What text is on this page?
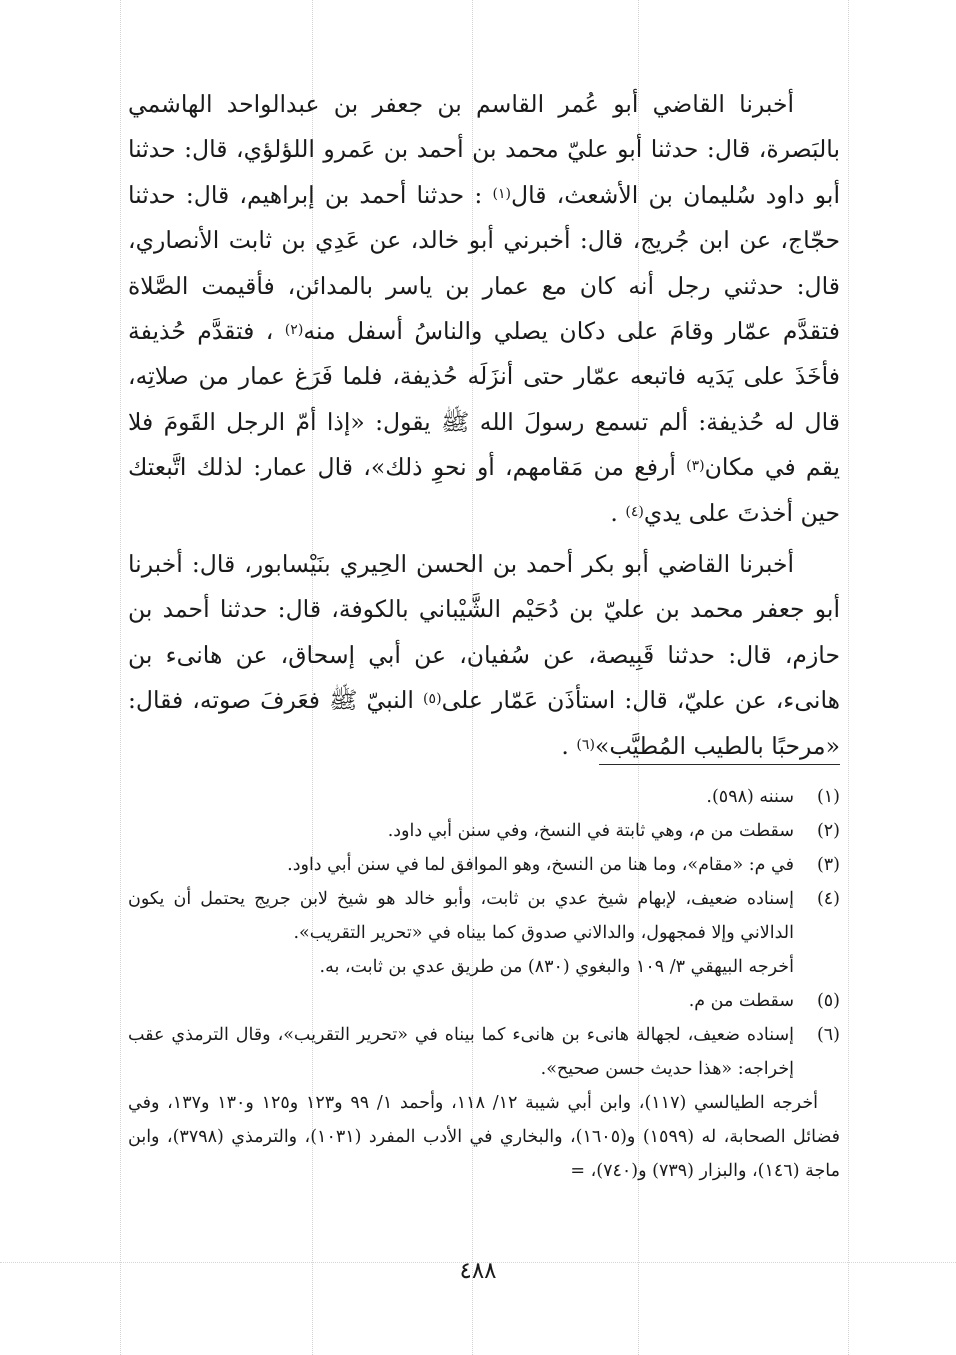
أخبرنا القاضي أبو عُمر القاسم بن جعفر بن عبدالواحد الهاشمي بالبَصرة، قال: حدثنا أبو عليّ محمد بن أحمد بن عَمرو اللؤلؤي، قال: حدثنا أبو داود سُليمان بن الأشعث، قال$^{(١)}$ : حدثنا أحمد بن إبراهيم، قال: حدثنا حجّاج، عن ابن جُريج، قال: أخبرني أبو خالد، عن عَدِي بن ثابت الأنصاري، قال: حدثني رجل أنه كان مع عمار بن ياسر بالمدائن، فأقيمت الصَّلاة فتقدَّم عمّار وقامَ على دكان يصلي والناسُ أسفل منه$^{(٢)}$ ، فتقدَّم حُذيفة فأخَذَ على يَدَيه فاتبعه عمّار حتى أنزَلَه حُذيفة، فلما فَرَغ عمار من صلاتِه، قال له حُذيفة: ألم تسمع رسولَ الله ﷺ يقول: «إذا أمّ الرجل القَومَ فلا يقم في مكان$^{(٣)}$ أرفع من مَقامهم، أو نحوِ ذلك»، قال عمار: لذلك اتَّبعتك حين أخذتَ على يدي$^{(٤)}$ .

أخبرنا القاضي أبو بكر أحمد بن الحسن الحِيري بنَيْسابور، قال: أخبرنا أبو جعفر محمد بن عليّ بن دُحَيْم الشَّيْباني بالكوفة، قال: حدثنا أحمد بن حازم، قال: حدثنا قَبِيصة، عن سُفيان، عن أبي إسحاق، عن هانىء بن هانىء، عن عليّ، قال: استأذَن عَمّار على$^{(٥)}$ النبيّ ﷺ فعَرفَ صوته، فقال: «مرحبًا بالطيب المُطيَّب»$^{(٦)}$ .

(١)
سننه (٥٩٨).
(٢)
سقطت من م، وهي ثابتة في النسخ، وفي سنن أبي داود.
(٣)
في م: «مقام»، وما هنا من النسخ، وهو الموافق لما في سنن أبي داود.
(٤)
إسناده ضعيف، لإبهام شيخ عدي بن ثابت، وأبو خالد هو شيخ لابن جريج يحتمل أن يكون الدالاني وإلا فمجهول، والدالاني صدوق كما بيناه في «تحرير التقريب».
أخرجه البيهقي ٣/ ١٠٩ والبغوي (٨٣٠) من طريق عدي بن ثابت، به.
(٥)
سقطت من م.
(٦)
إسناده ضعيف، لجهالة هانىء بن هانىء كما بيناه في «تحرير التقريب»، وقال الترمذي عقب إخراجه: «هذا حديث حسن صحيح».
أخرجه الطيالسي (١١٧)، وابن أبي شيبة ١٢/ ١١٨، وأحمد ١/ ٩٩ و١٢٣ و١٢٥ و١٣٠ و١٣٧، وفي فضائل الصحابة، له (١٥٩٩) و(١٦٠٥)، والبخاري في الأدب المفرد (١٠٣١)، والترمذي (٣٧٩٨)، وابن ماجة (١٤٦)، والبزار (٧٣٩) و(٧٤٠)، =
٤٨٨
